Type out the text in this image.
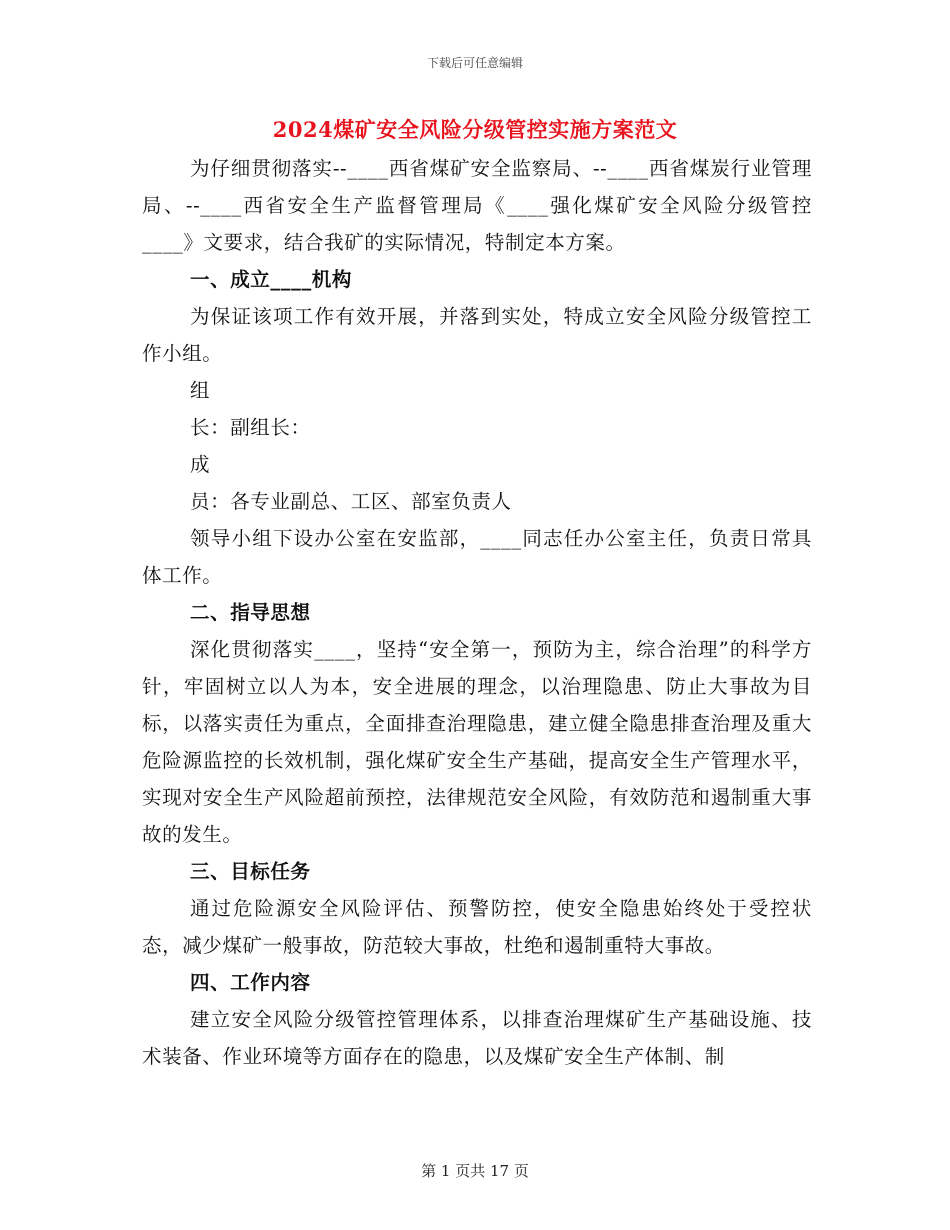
下载后可任意编辑
2024煤矿安全风险分级管控实施方案范文

为仔细贯彻落实--____西省煤矿安全监察局、--____西省煤炭行业管理局、--____西省安全生产监督管理局《____强化煤矿安全风险分级管控____》文要求，结合我矿的实际情况，特制定本方案。

一、成立____机构

为保证该项工作有效开展，并落到实处，特成立安全风险分级管控工作小组。

组

长：副组长：

成

员：各专业副总、工区、部室负责人

领导小组下设办公室在安监部，____同志任办公室主任，负责日常具体工作。

二、指导思想

深化贯彻落实____，坚持“安全第一，预防为主，综合治理”的科学方针，牢固树立以人为本，安全进展的理念，以治理隐患、防止大事故为目标，以落实责任为重点，全面排查治理隐患，建立健全隐患排查治理及重大危险源监控的长效机制，强化煤矿安全生产基础，提高安全生产管理水平，实现对安全生产风险超前预控，法律规范安全风险，有效防范和遏制重大事故的发生。

三、目标任务

通过危险源安全风险评估、预警防控，使安全隐患始终处于受控状态，减少煤矿一般事故，防范较大事故，杜绝和遏制重特大事故。

四、工作内容

建立安全风险分级管控管理体系，以排查治理煤矿生产基础设施、技术装备、作业环境等方面存在的隐患，以及煤矿安全生产体制、制

第 1 页共 17 页
